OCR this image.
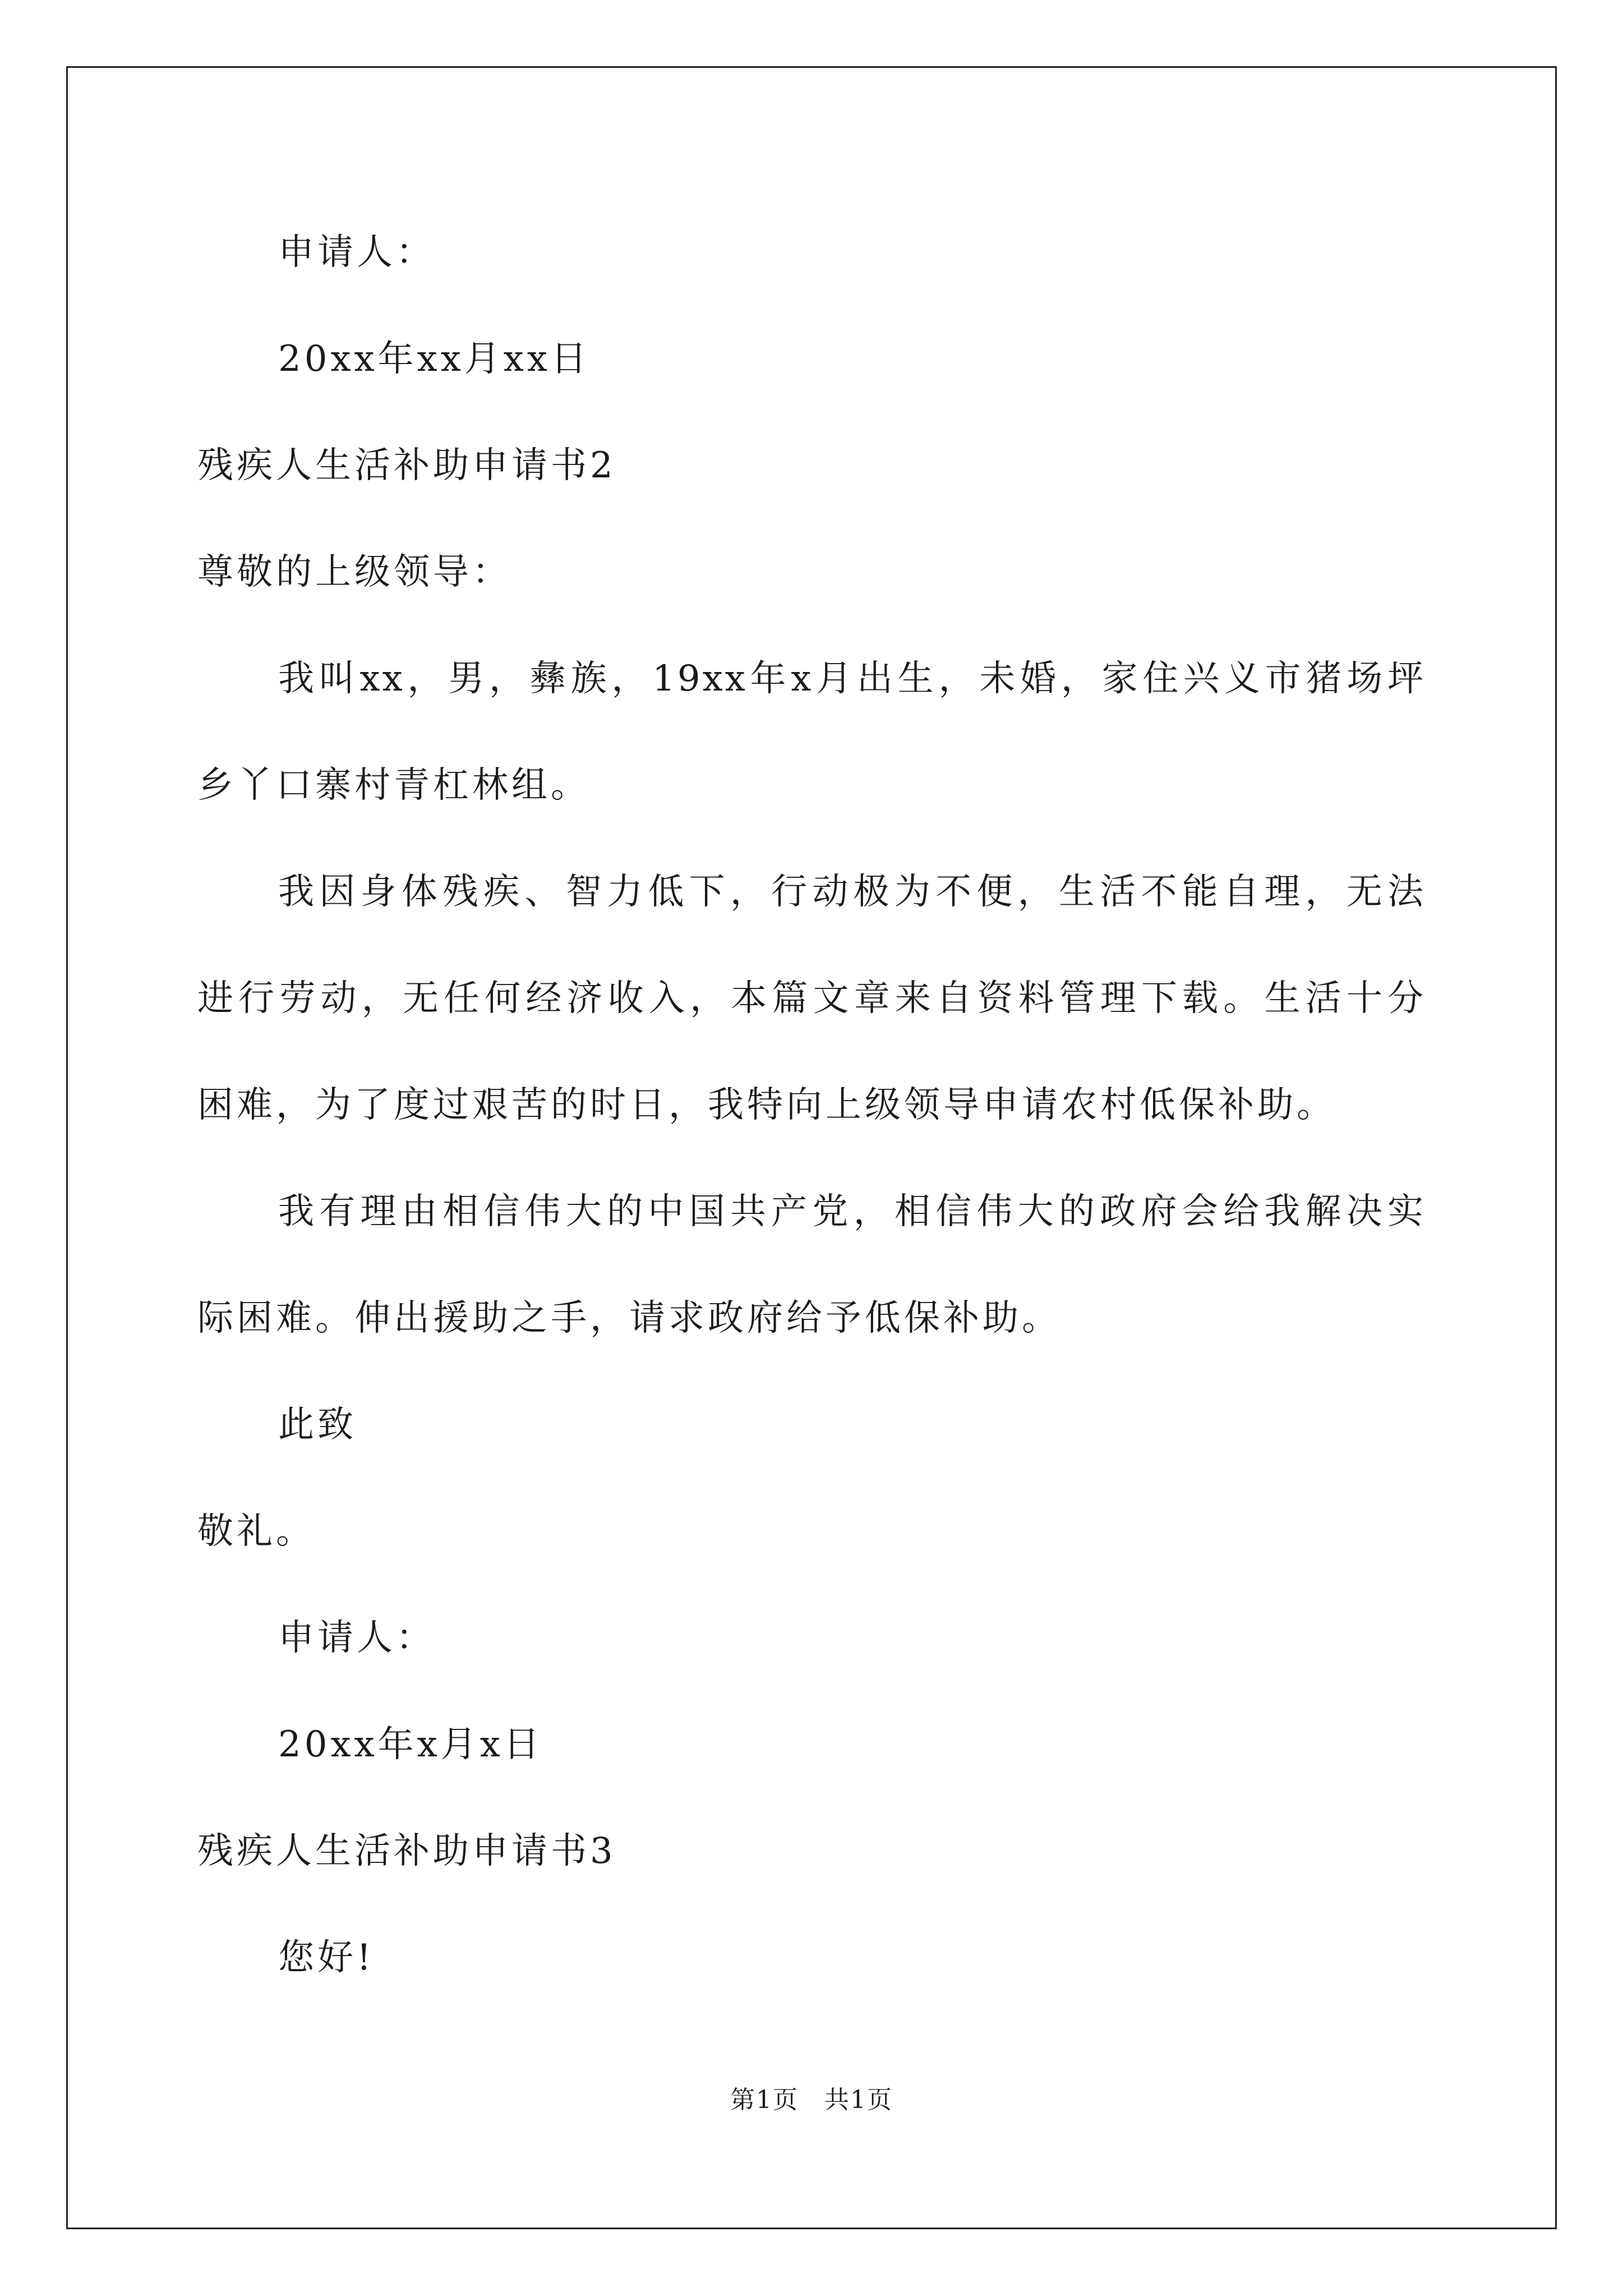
申请人：
20xx年xx月xx日
残疾人生活补助申请书2
尊敬的上级领导：
我叫xx，男，彝族，19xx年x月出生，未婚，家住兴义市猪场坪
乡丫口寨村青杠林组。
我因身体残疾、智力低下，行动极为不便，生活不能自理，无法
进行劳动，无任何经济收入，本篇文章来自资料管理下载。生活十分
困难，为了度过艰苦的时日，我特向上级领导申请农村低保补助。
我有理由相信伟大的中国共产党，相信伟大的政府会给我解决实
际困难。伸出援助之手，请求政府给予低保补助。
此致
敬礼。
申请人：
20xx年x月x日
残疾人生活补助申请书3
您好!
第1页　共1页
